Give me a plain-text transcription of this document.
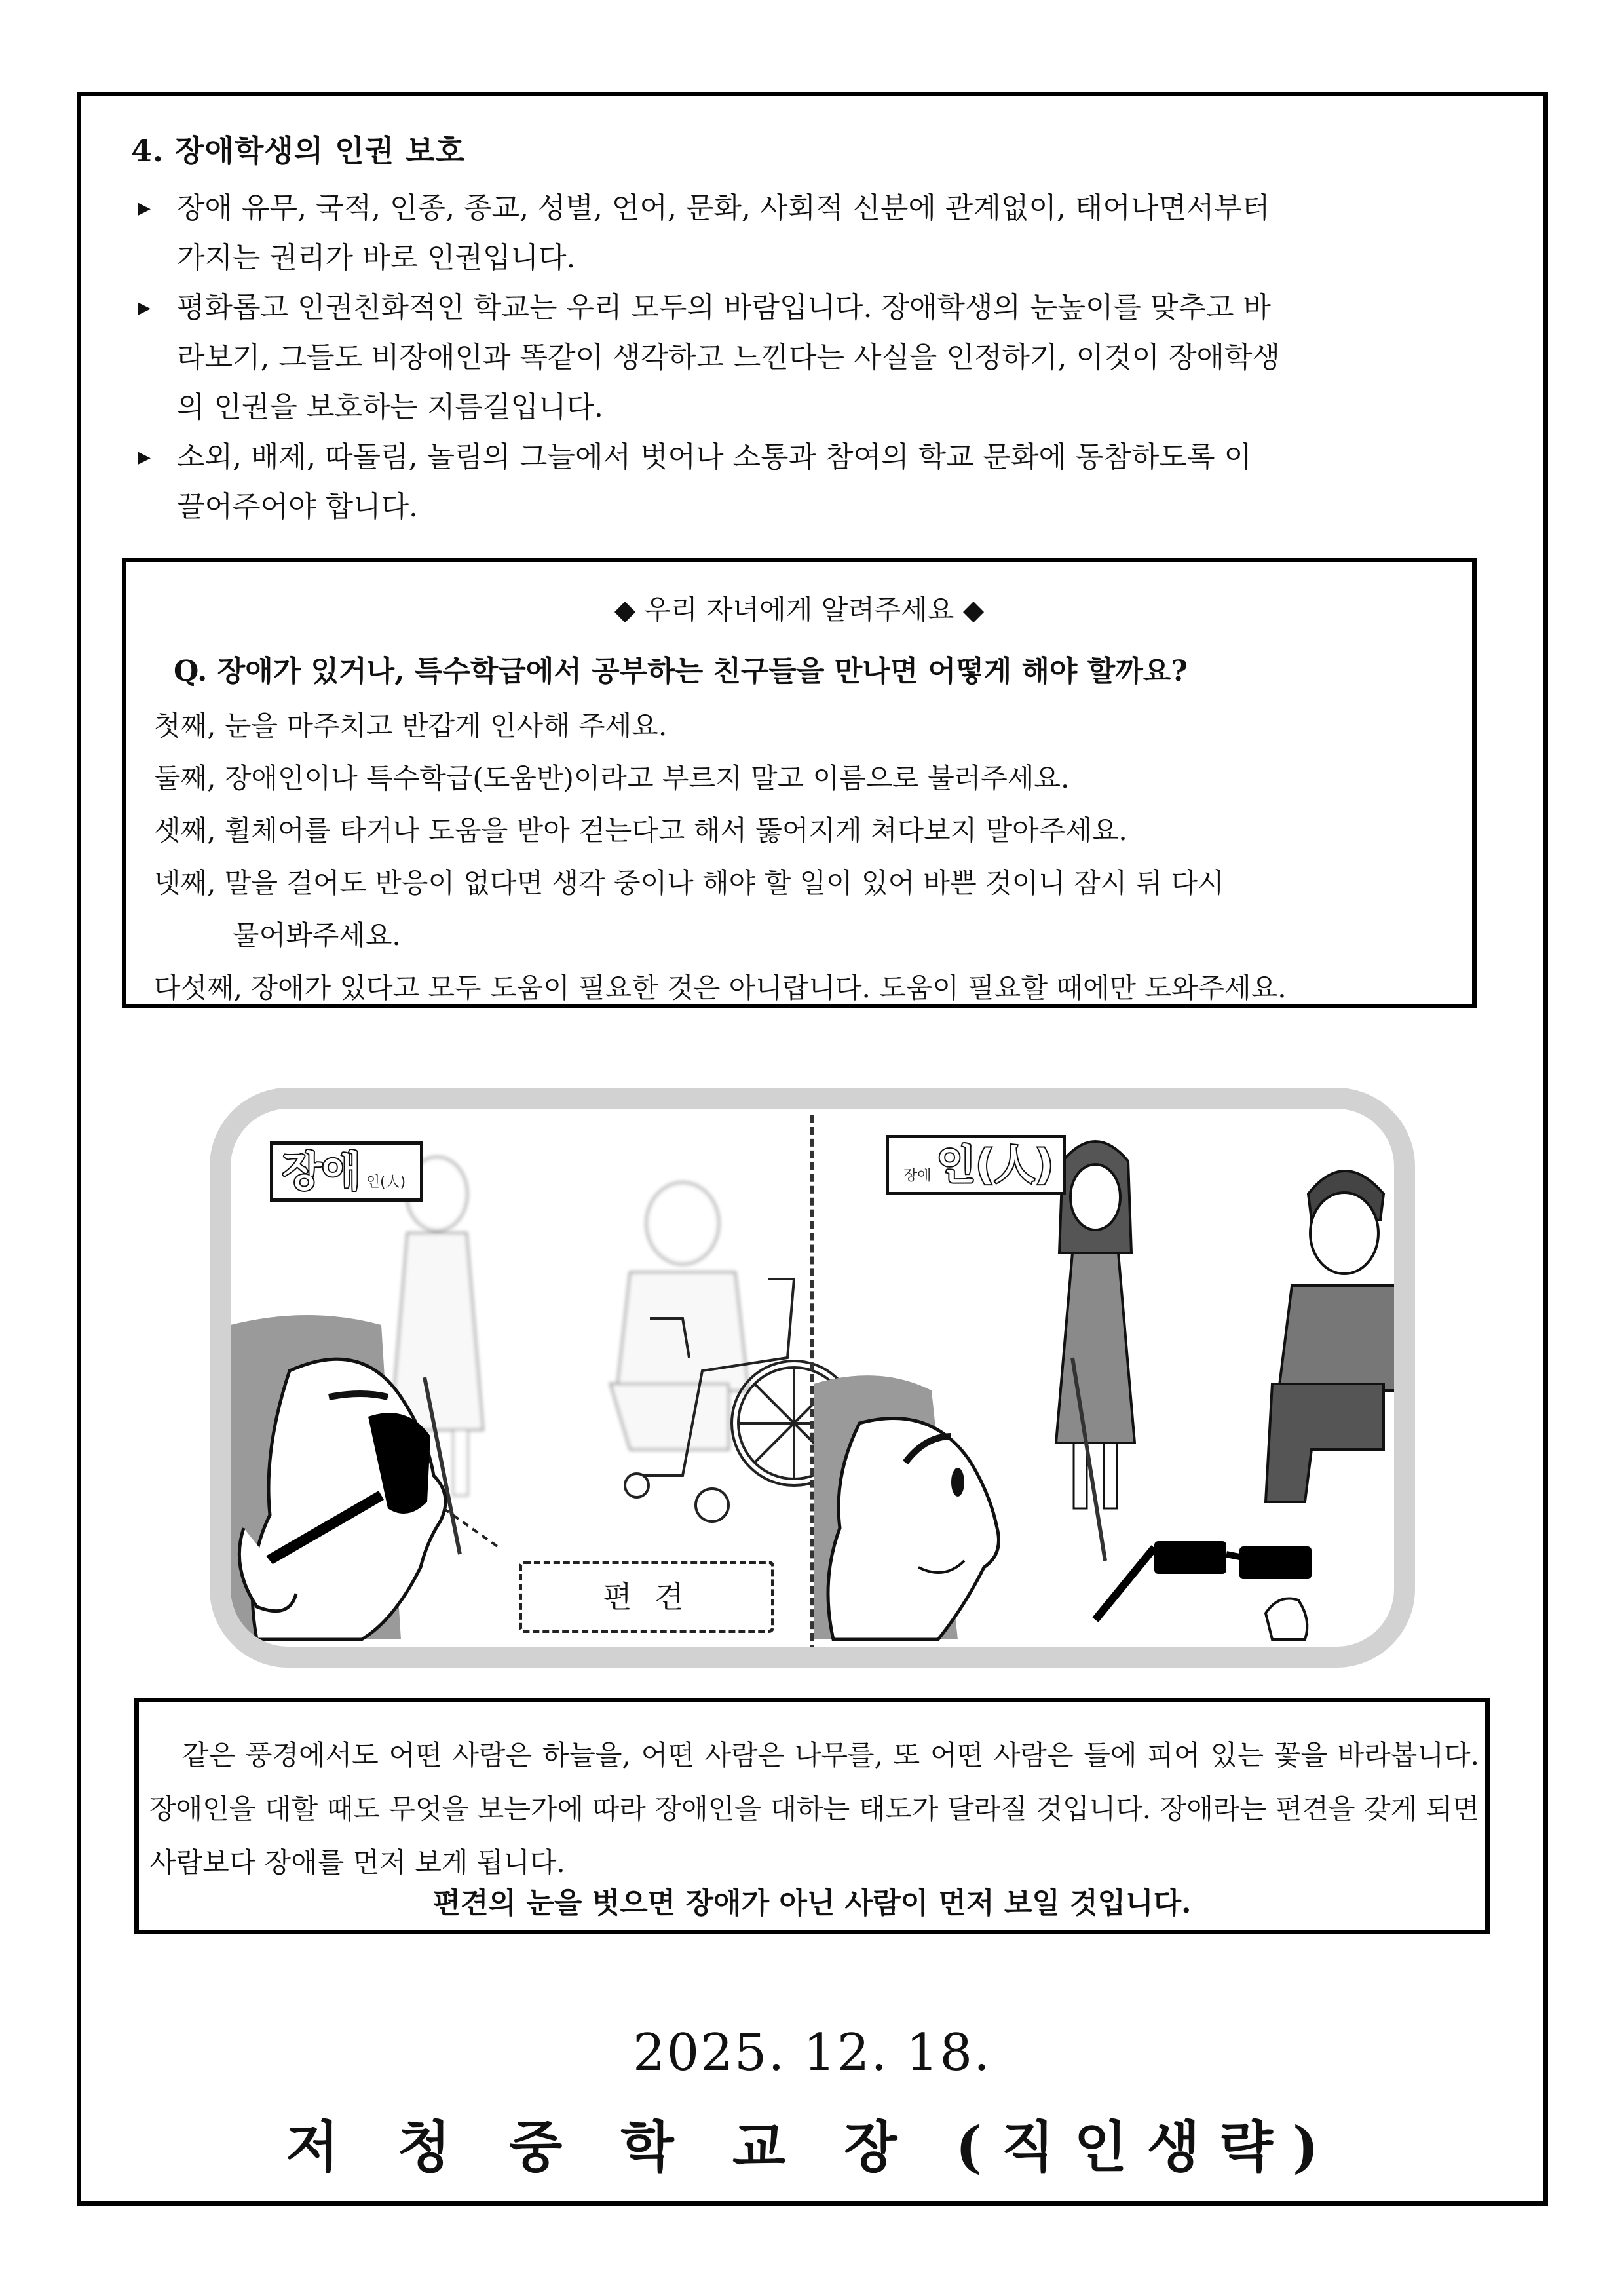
4. 장애학생의 인권 보호
▶ 장애 유무, 국적, 인종, 종교, 성별, 언어, 문화, 사회적 신분에 관계없이, 태어나면서부터
가지는 권리가 바로 인권입니다.
▶ 평화롭고 인권친화적인 학교는 우리 모두의 바람입니다. 장애학생의 눈높이를 맞추고 바
라보기, 그들도 비장애인과 똑같이 생각하고 느낀다는 사실을 인정하기, 이것이 장애학생
의 인권을 보호하는 지름길입니다.
▶ 소외, 배제, 따돌림, 놀림의 그늘에서 벗어나 소통과 참여의 학교 문화에 동참하도록 이
끌어주어야 합니다.
◆ 우리 자녀에게 알려주세요 ◆
Q. 장애가 있거나, 특수학급에서 공부하는 친구들을 만나면 어떻게 해야 할까요?
첫째, 눈을 마주치고 반갑게 인사해 주세요.
둘째, 장애인이나 특수학급(도움반)이라고 부르지 말고 이름으로 불러주세요.
셋째, 휠체어를 타거나 도움을 받아 걷는다고 해서 뚫어지게 쳐다보지 말아주세요.
넷째, 말을 걸어도 반응이 없다면 생각 중이나 해야 할 일이 있어 바쁜 것이니 잠시 뒤 다시
물어봐주세요.
다섯째, 장애가 있다고 모두 도움이 필요한 것은 아니랍니다. 도움이 필요할 때에만 도와주세요.
장애 인(人)	장애 인(人)
편 견
같은 풍경에서도 어떤 사람은 하늘을, 어떤 사람은 나무를, 또 어떤 사람은 들에 피어 있는 꽃을 바라봅니다. 장애인을 대할 때도 무엇을 보는가에 따라 장애인을 대하는 태도가 달라질 것입니다. 장애라는 편견을 갖게 되면 사람보다 장애를 먼저 보게 됩니다.
편견의 눈을 벗으면 장애가 아닌 사람이 먼저 보일 것입니다.
2025. 12. 18.
저 청 중 학 교 장 (직인생략)
